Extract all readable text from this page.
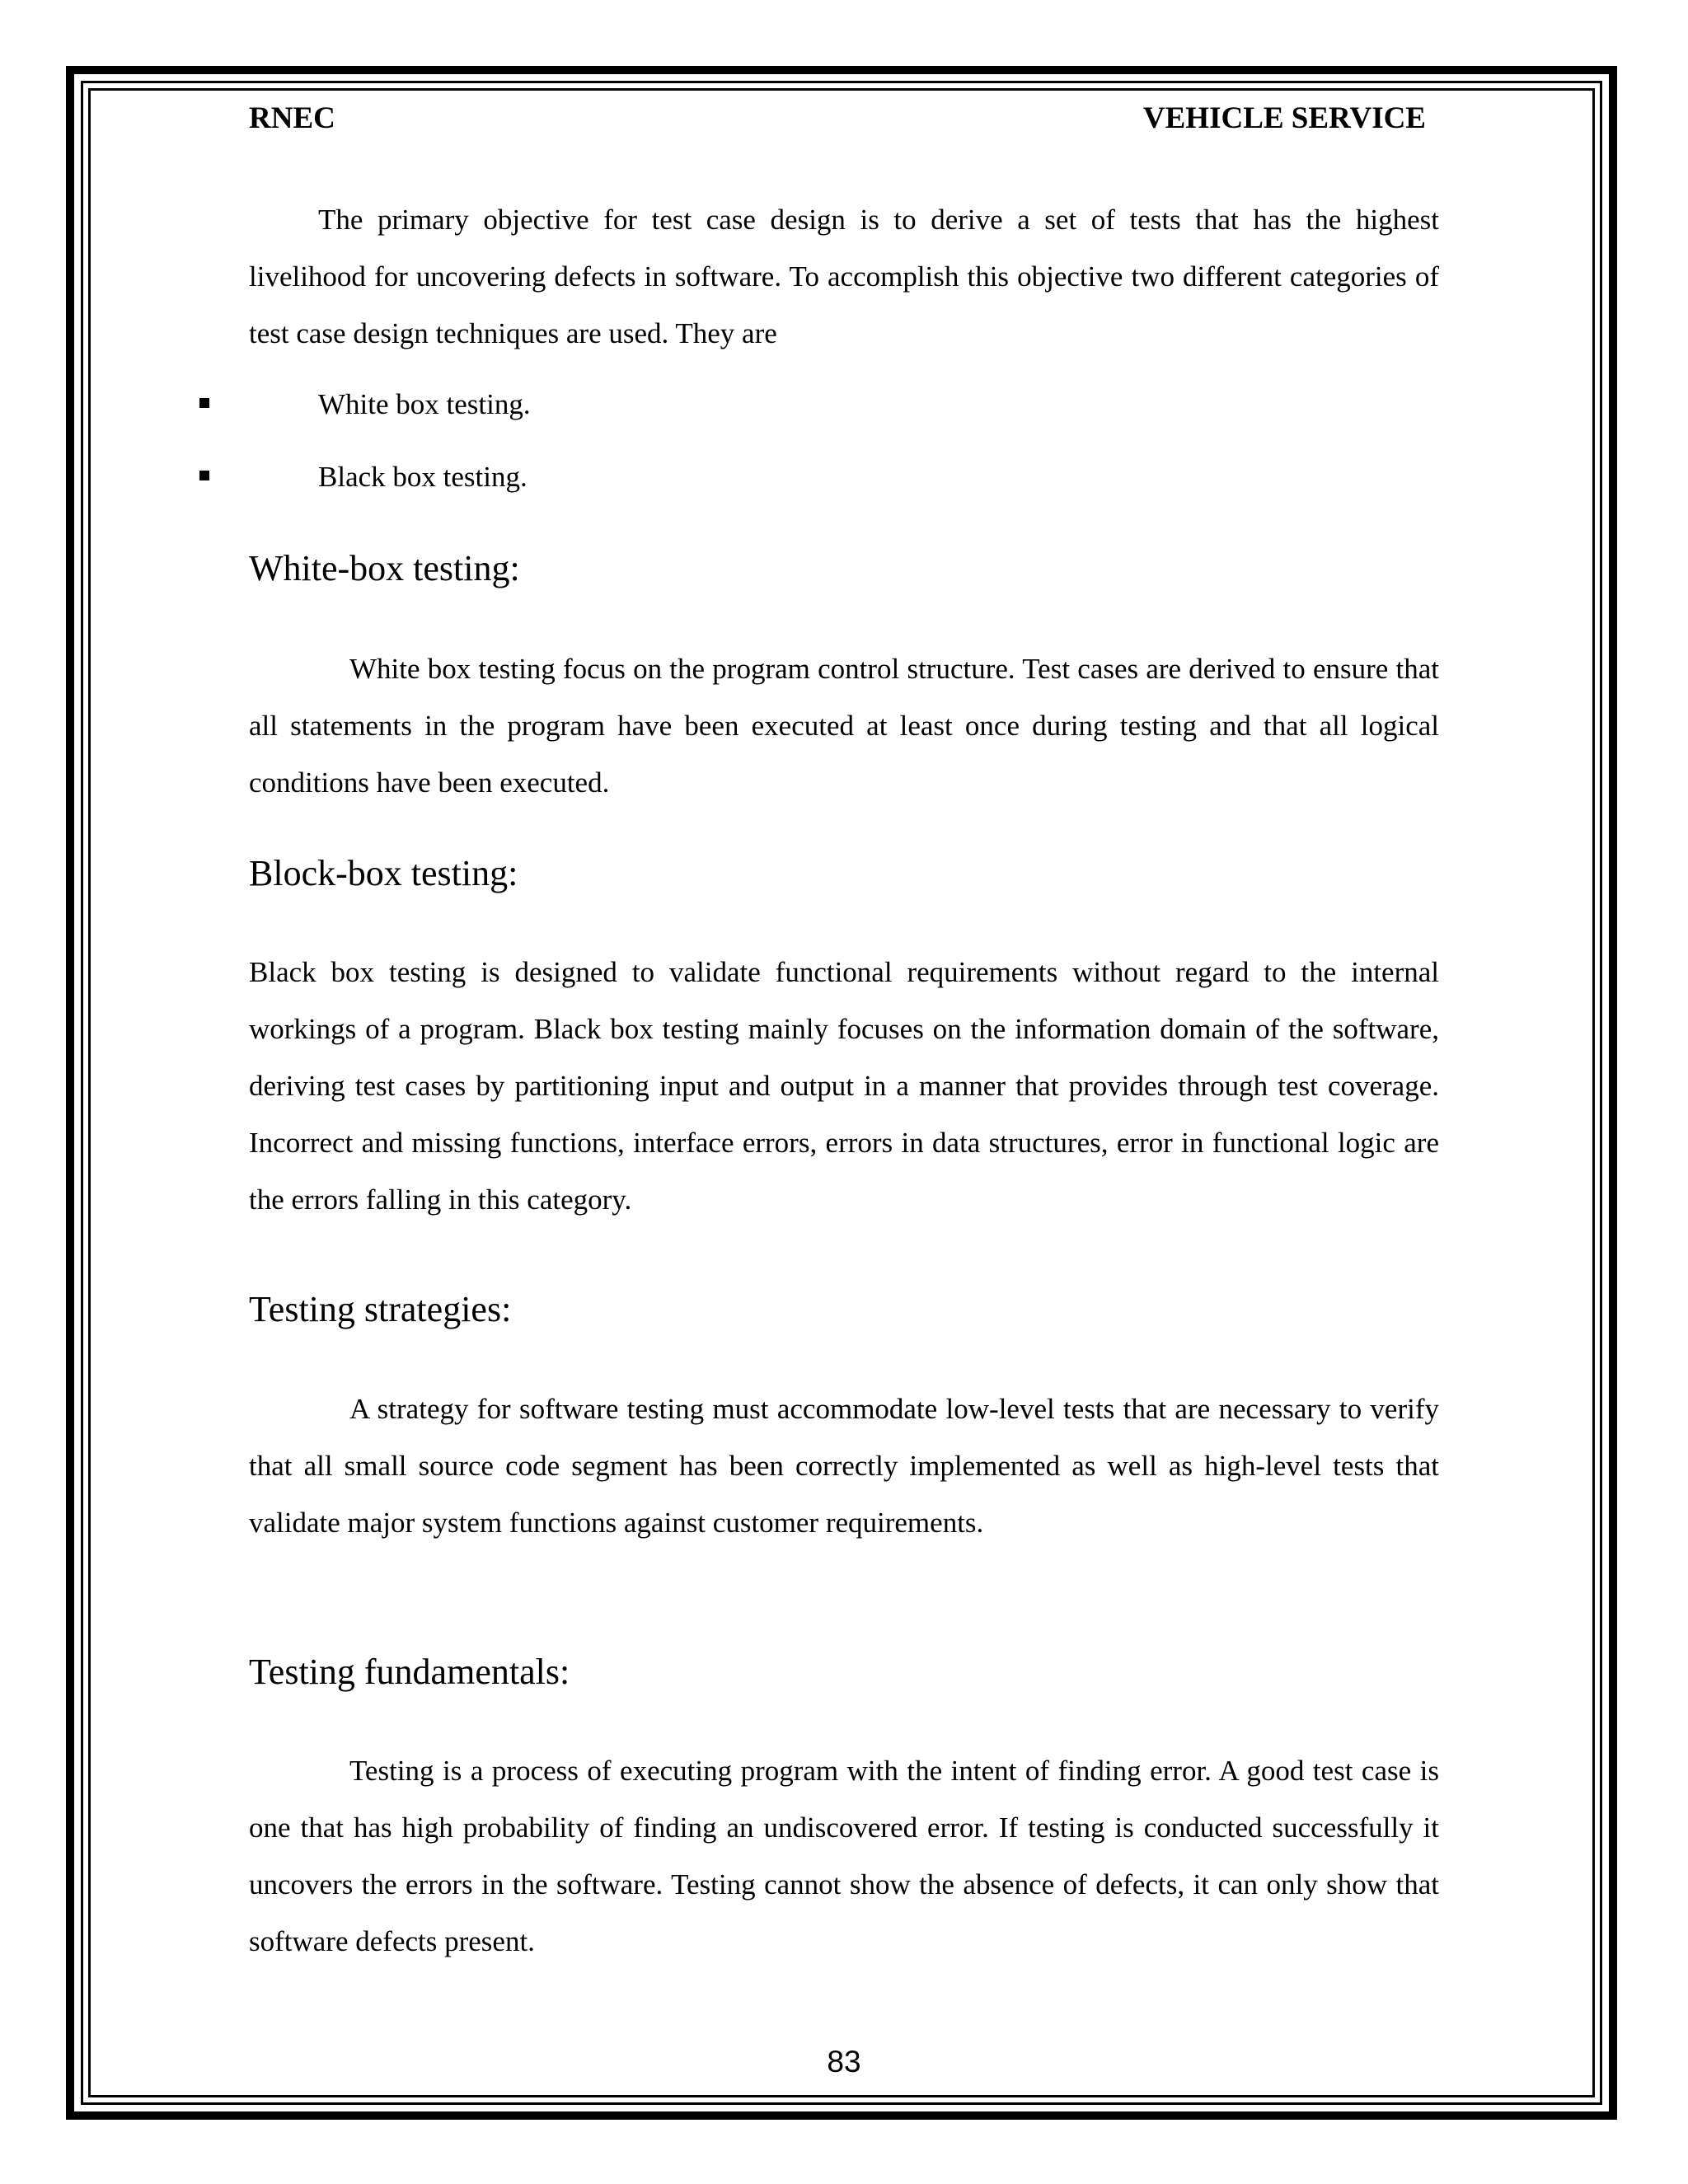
RNEC	VEHICLE SERVICE

The primary objective for test case design is to derive a set of tests that has the highest livelihood for uncovering defects in software. To accomplish this objective two different categories of test case design techniques are used. They are

White box testing.
Black box testing.
White-box testing:

White box testing focus on the program control structure. Test cases are derived to ensure that all statements in the program have been executed at least once during testing and that all logical conditions have been executed.

Block-box testing:

Black box testing is designed to validate functional requirements without regard to the internal workings of a program. Black box testing mainly focuses on the information domain of the software, deriving test cases by partitioning input and output in a manner that provides through test coverage. Incorrect and missing functions, interface errors, errors in data structures, error in functional logic are the errors falling in this category.

Testing strategies:

A strategy for software testing must accommodate low-level tests that are necessary to verify that all small source code segment has been correctly implemented as well as high-level tests that validate major system functions against customer requirements.

Testing fundamentals:

Testing is a process of executing program with the intent of finding error. A good test case is one that has high probability of finding an undiscovered error. If testing is conducted successfully it uncovers the errors in the software. Testing cannot show the absence of defects, it can only show that software defects present.

83
